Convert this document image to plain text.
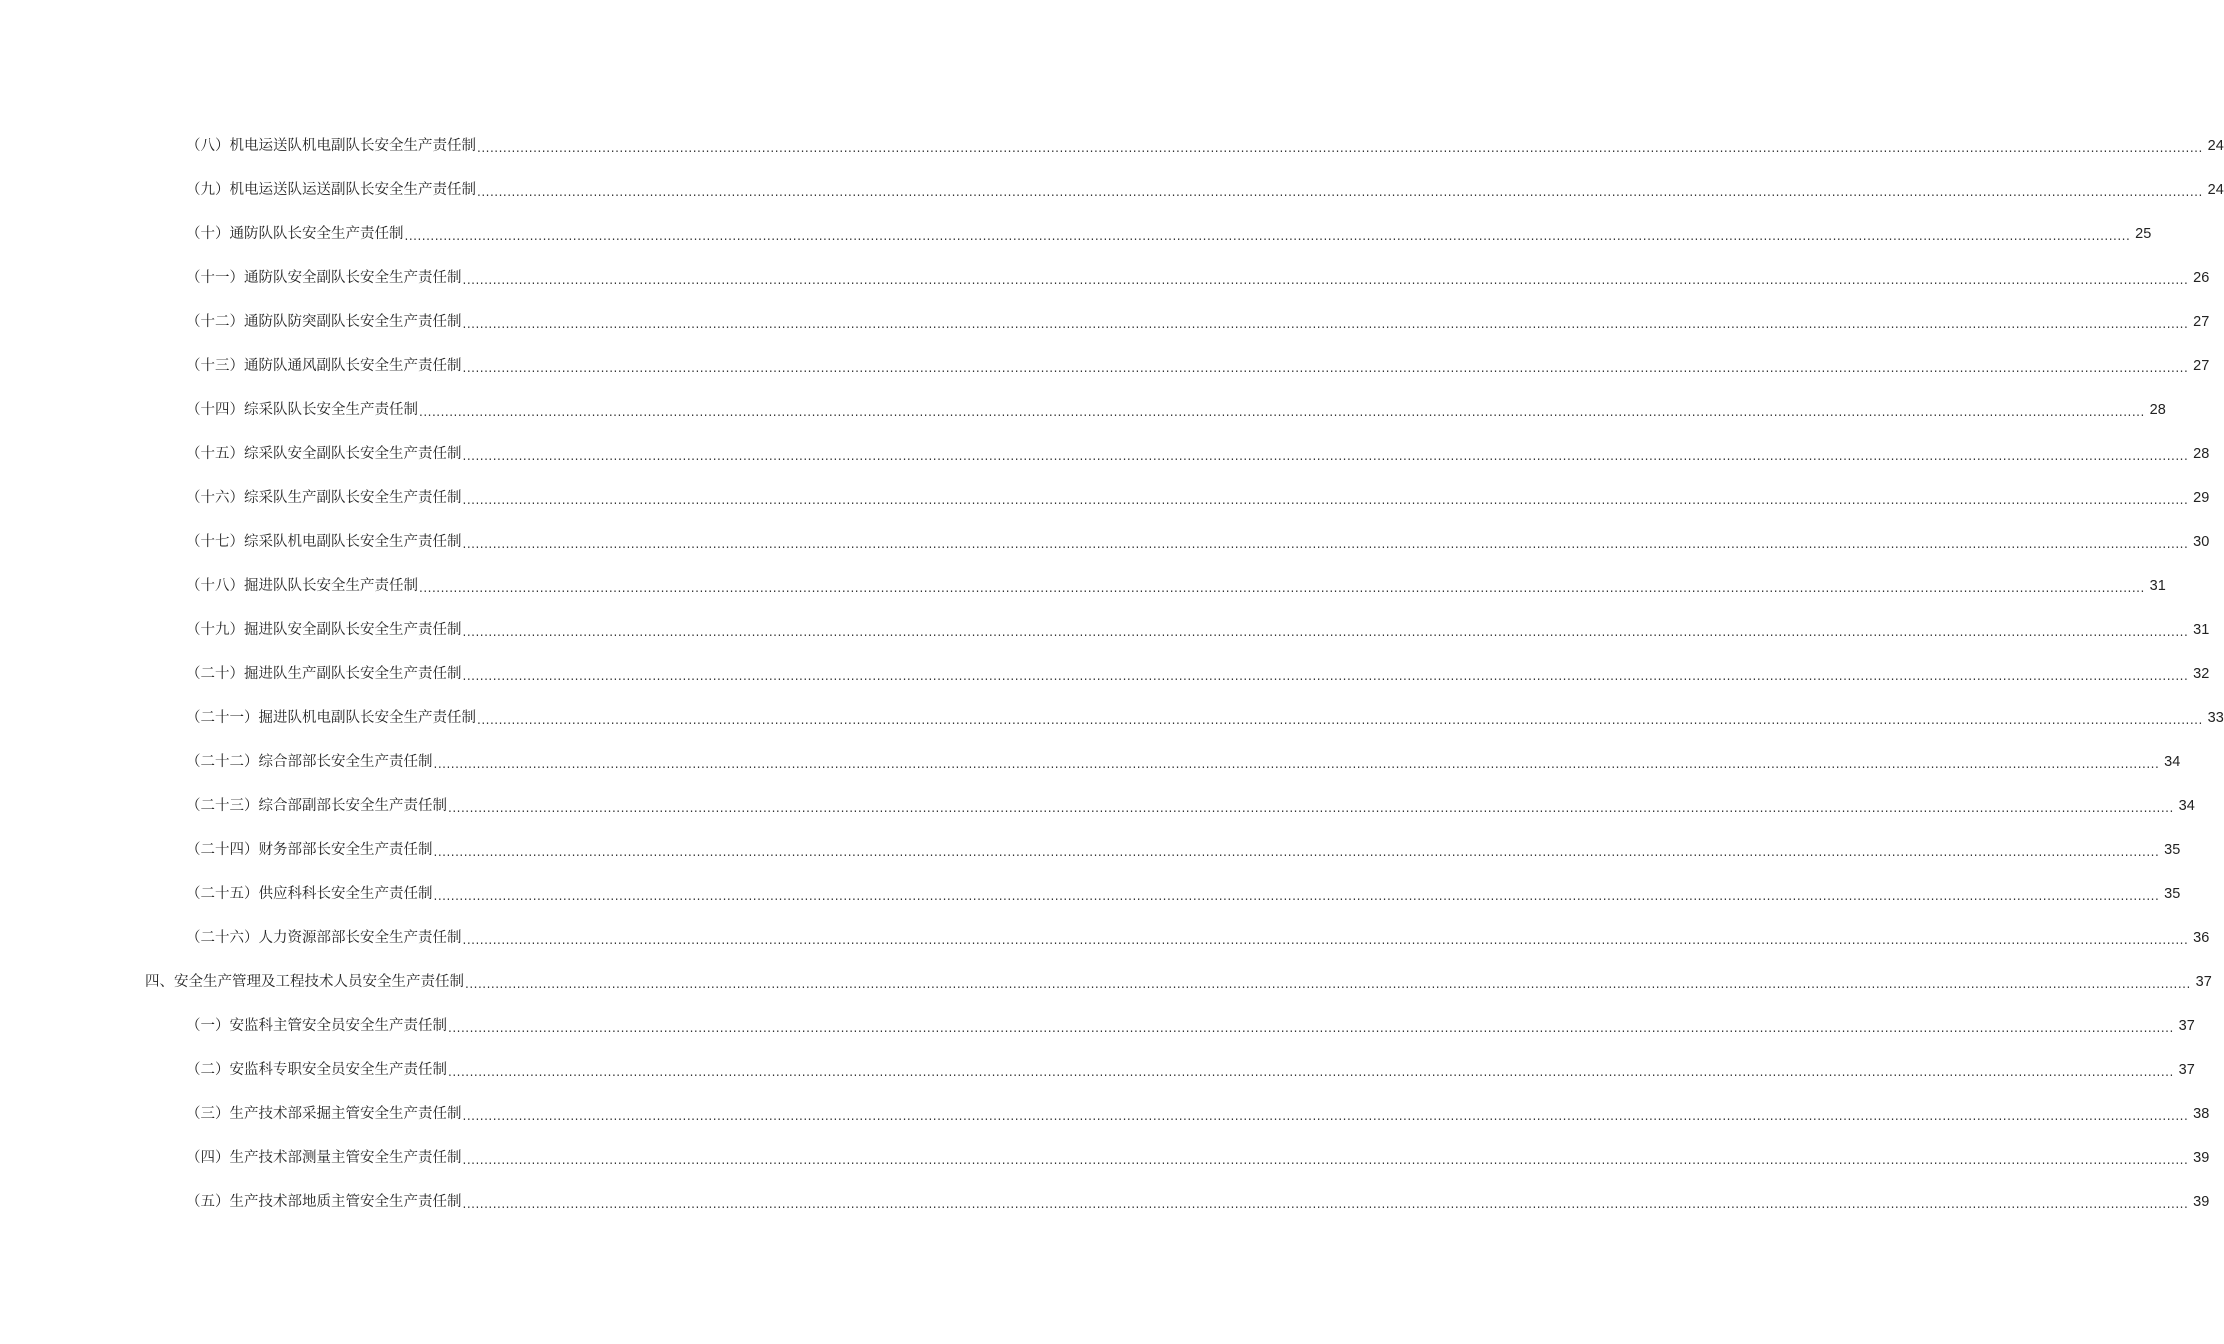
（八）机电运送队机电副队长安全生产责任制 ................................................................................................................................................................................................................................................................................................................................................................................................................ 24
（九）机电运送队运送副队长安全生产责任制 ................................................................................................................................................................................................................................................................................................................................................................................................................ 24
（十）通防队队长安全生产责任制 ................................................................................................................................................................................................................................................................................................................................................................................................................ 25
（十一）通防队安全副队长安全生产责任制 ................................................................................................................................................................................................................................................................................................................................................................................................................ 26
（十二）通防队防突副队长安全生产责任制 ................................................................................................................................................................................................................................................................................................................................................................................................................ 27
（十三）通防队通风副队长安全生产责任制 ................................................................................................................................................................................................................................................................................................................................................................................................................ 27
（十四）综采队队长安全生产责任制 ................................................................................................................................................................................................................................................................................................................................................................................................................ 28
（十五）综采队安全副队长安全生产责任制 ................................................................................................................................................................................................................................................................................................................................................................................................................ 28
（十六）综采队生产副队长安全生产责任制 ................................................................................................................................................................................................................................................................................................................................................................................................................ 29
（十七）综采队机电副队长安全生产责任制 ................................................................................................................................................................................................................................................................................................................................................................................................................ 30
（十八）掘进队队长安全生产责任制 ................................................................................................................................................................................................................................................................................................................................................................................................................ 31
（十九）掘进队安全副队长安全生产责任制 ................................................................................................................................................................................................................................................................................................................................................................................................................ 31
（二十）掘进队生产副队长安全生产责任制 ................................................................................................................................................................................................................................................................................................................................................................................................................ 32
（二十一）掘进队机电副队长安全生产责任制 ................................................................................................................................................................................................................................................................................................................................................................................................................ 33
（二十二）综合部部长安全生产责任制 ................................................................................................................................................................................................................................................................................................................................................................................................................ 34
（二十三）综合部副部长安全生产责任制 ................................................................................................................................................................................................................................................................................................................................................................................................................ 34
（二十四）财务部部长安全生产责任制 ................................................................................................................................................................................................................................................................................................................................................................................................................ 35
（二十五）供应科科长安全生产责任制 ................................................................................................................................................................................................................................................................................................................................................................................................................ 35
（二十六）人力资源部部长安全生产责任制 ................................................................................................................................................................................................................................................................................................................................................................................................................ 36
四、安全生产管理及工程技术人员安全生产责任制 ................................................................................................................................................................................................................................................................................................................................................................................................................ 37
（一）安监科主管安全员安全生产责任制 ................................................................................................................................................................................................................................................................................................................................................................................................................ 37
（二）安监科专职安全员安全生产责任制 ................................................................................................................................................................................................................................................................................................................................................................................................................ 37
（三）生产技术部采掘主管安全生产责任制 ................................................................................................................................................................................................................................................................................................................................................................................................................ 38
（四）生产技术部测量主管安全生产责任制 ................................................................................................................................................................................................................................................................................................................................................................................................................ 39
（五）生产技术部地质主管安全生产责任制 ................................................................................................................................................................................................................................................................................................................................................................................................................ 39
